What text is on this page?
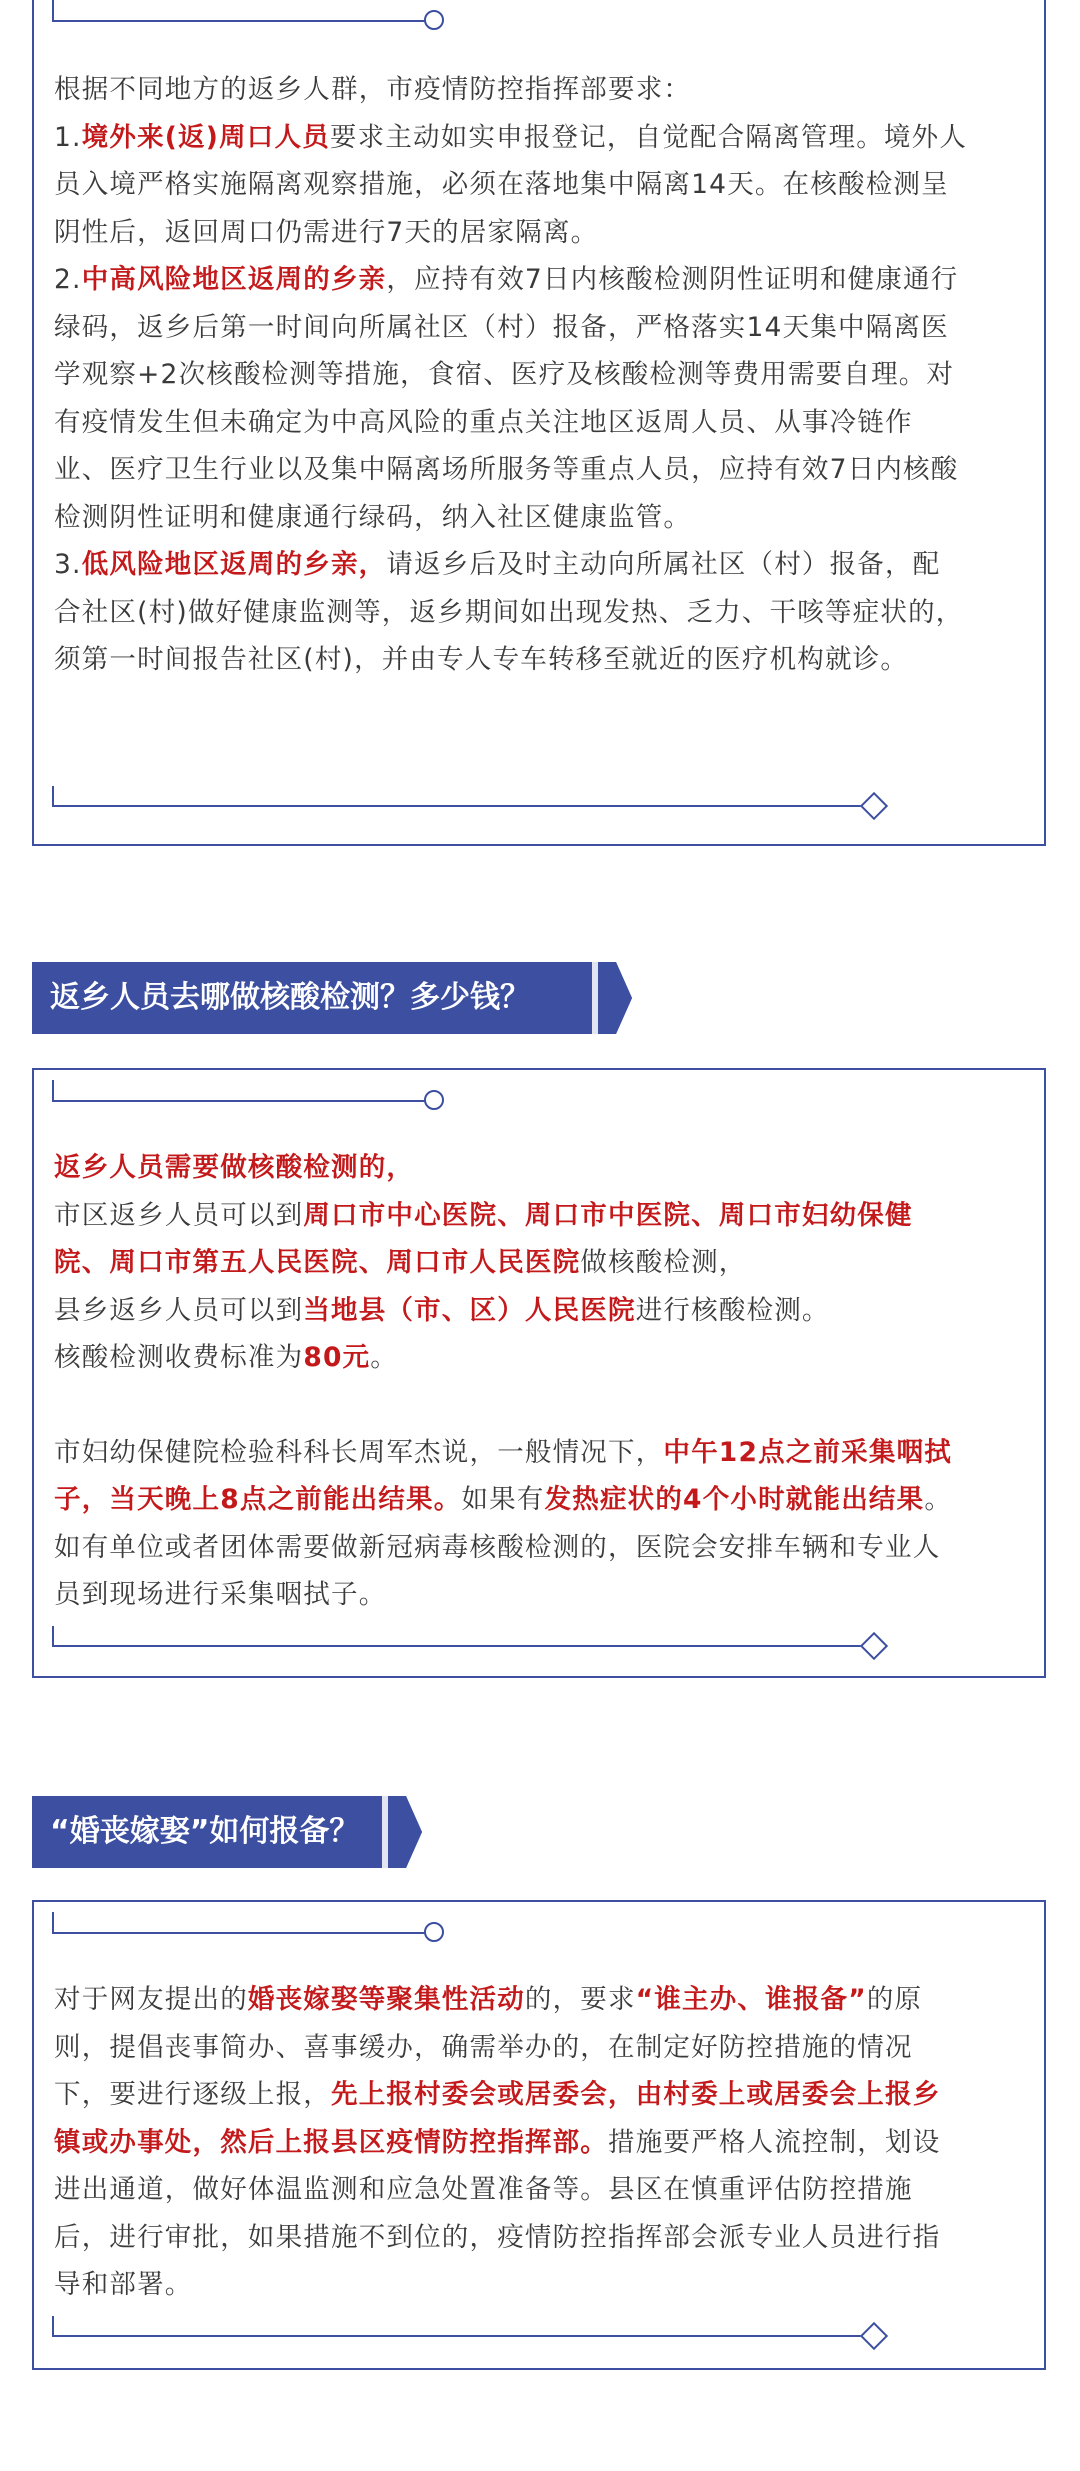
根据不同地方的返乡人群，市疫情防控指挥部要求：

1.境外来(返)周口人员要求主动如实申报登记，自觉配合隔离管理。境外人员入境严格实施隔离观察措施，必须在落地集中隔离14天。在核酸检测呈阴性后，返回周口仍需进行7天的居家隔离。

2.中高风险地区返周的乡亲，应持有效7日内核酸检测阴性证明和健康通行绿码，返乡后第一时间向所属社区（村）报备，严格落实14天集中隔离医学观察+2次核酸检测等措施，食宿、医疗及核酸检测等费用需要自理。对有疫情发生但未确定为中高风险的重点关注地区返周人员、从事冷链作业、医疗卫生行业以及集中隔离场所服务等重点人员，应持有效7日内核酸检测阴性证明和健康通行绿码，纳入社区健康监管。

3.低风险地区返周的乡亲，请返乡后及时主动向所属社区（村）报备，配合社区(村)做好健康监测等，返乡期间如出现发热、乏力、干咳等症状的，须第一时间报告社区(村)，并由专人专车转移至就近的医疗机构就诊。

返乡人员去哪做核酸检测？多少钱？

返乡人员需要做核酸检测的，

市区返乡人员可以到周口市中心医院、周口市中医院、周口市妇幼保健院、周口市第五人民医院、周口市人民医院做核酸检测，

县乡返乡人员可以到当地县（市、区）人民医院进行核酸检测。

核酸检测收费标准为80元。

市妇幼保健院检验科科长周军杰说，一般情况下，中午12点之前采集咽拭子，当天晚上8点之前能出结果。如果有发热症状的4个小时就能出结果。如有单位或者团体需要做新冠病毒核酸检测的，医院会安排车辆和专业人员到现场进行采集咽拭子。

“婚丧嫁娶”如何报备？

对于网友提出的婚丧嫁娶等聚集性活动的，要求“谁主办、谁报备”的原则，提倡丧事简办、喜事缓办，确需举办的，在制定好防控措施的情况下，要进行逐级上报，先上报村委会或居委会，由村委上或居委会上报乡镇或办事处，然后上报县区疫情防控指挥部。措施要严格人流控制，划设进出通道，做好体温监测和应急处置准备等。县区在慎重评估防控措施后，进行审批，如果措施不到位的，疫情防控指挥部会派专业人员进行指导和部署。
